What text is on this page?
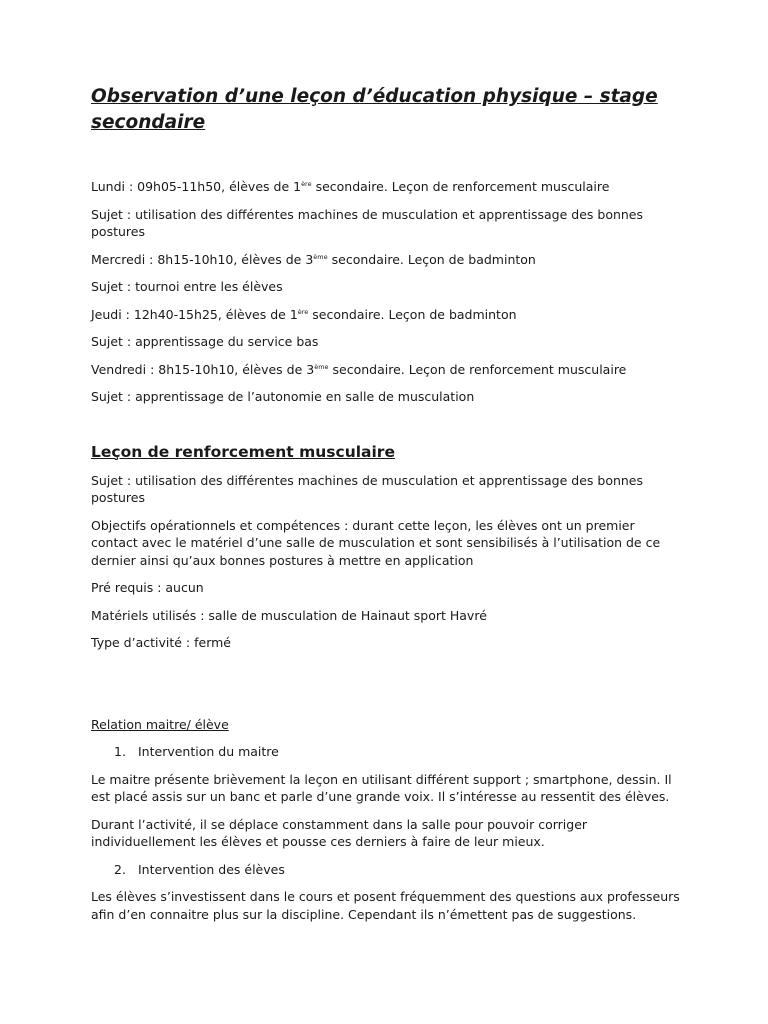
Observation d’une leçon d’éducation physique – stage secondaire

Lundi : 09h05-11h50, élèves de 1ère secondaire. Leçon de renforcement musculaire

Sujet : utilisation des différentes machines de musculation et apprentissage des bonnes postures

Mercredi : 8h15-10h10, élèves de 3ème secondaire. Leçon de badminton

Sujet : tournoi entre les élèves

Jeudi : 12h40-15h25, élèves de 1ère secondaire. Leçon de badminton

Sujet : apprentissage du service bas

Vendredi : 8h15-10h10, élèves de 3ème secondaire. Leçon de renforcement musculaire

Sujet : apprentissage de l’autonomie en salle de musculation

Leçon de renforcement musculaire

Sujet : utilisation des différentes machines de musculation et apprentissage des bonnes postures

Objectifs opérationnels et compétences : durant cette leçon, les élèves ont un premier contact avec le matériel d’une salle de musculation et sont sensibilisés à l’utilisation de ce dernier ainsi qu’aux bonnes postures à mettre en application

Pré requis : aucun

Matériels utilisés : salle de musculation de Hainaut sport Havré

Type d’activité : fermé

Relation maitre/ élève

1. Intervention du maitre

Le maitre présente brièvement la leçon en utilisant différent support ; smartphone, dessin. Il est placé assis sur un banc et parle d’une grande voix. Il s’intéresse au ressentit des élèves.

Durant l’activité, il se déplace constamment dans la salle pour pouvoir corriger individuellement les élèves et pousse ces derniers à faire de leur mieux.

2. Intervention des élèves

Les élèves s’investissent dans le cours et posent fréquemment des questions aux professeurs afin d’en connaitre plus sur la discipline. Cependant ils n’émettent pas de suggestions.
